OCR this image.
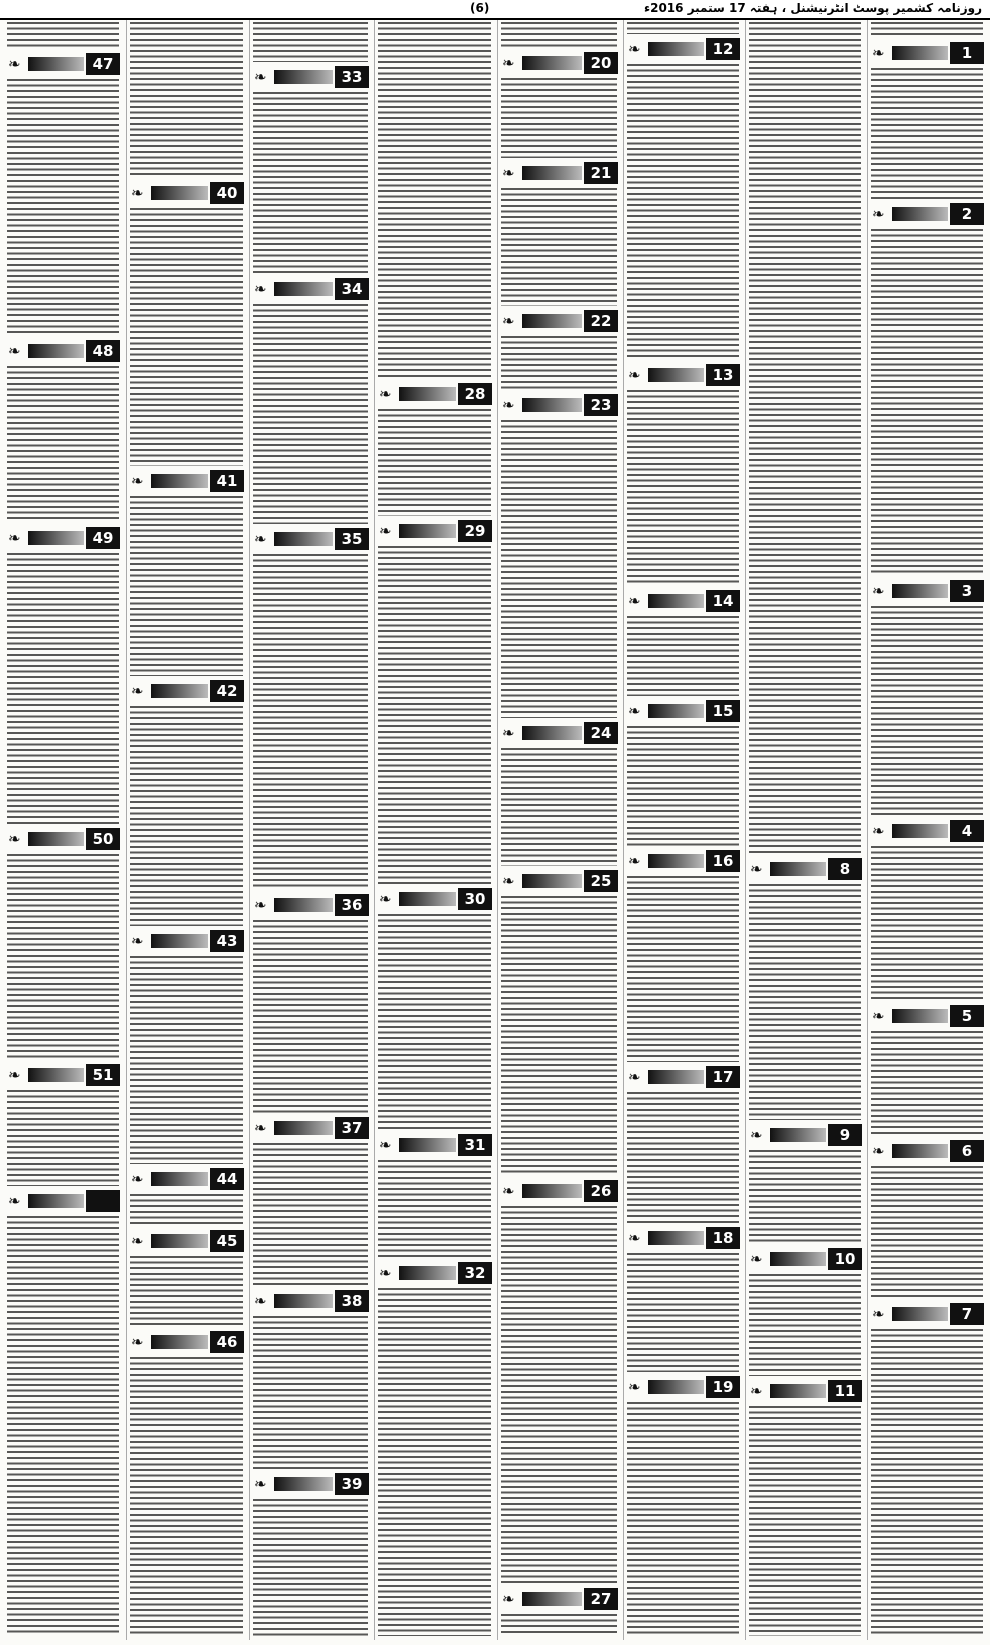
روزنامہ کشمیر پوسٹ انٹرنیشنل ، ہفتہ 17 ستمبر 2016ء
(6)
❧	1
❧	2
❧	3
❧	4
❧	5
❧	6
❧	7
❧	8
❧	9
❧	10
❧	11
❧	12
❧	13
❧	14
❧	15
❧	16
❧	17
❧	18
❧	19
❧	20
❧	21
❧	22
❧	23
❧	24
❧	25
❧	26
❧	27
❧	28
❧	29
❧	30
❧	31
❧	32
❧	33
❧	34
❧	35
❧	36
❧	37
❧	38
❧	39
❧	40
❧	41
❧	42
❧	43
❧	44
❧	45
❧	46
❧	47
❧	48
❧	49
❧	50
❧	51
❧
